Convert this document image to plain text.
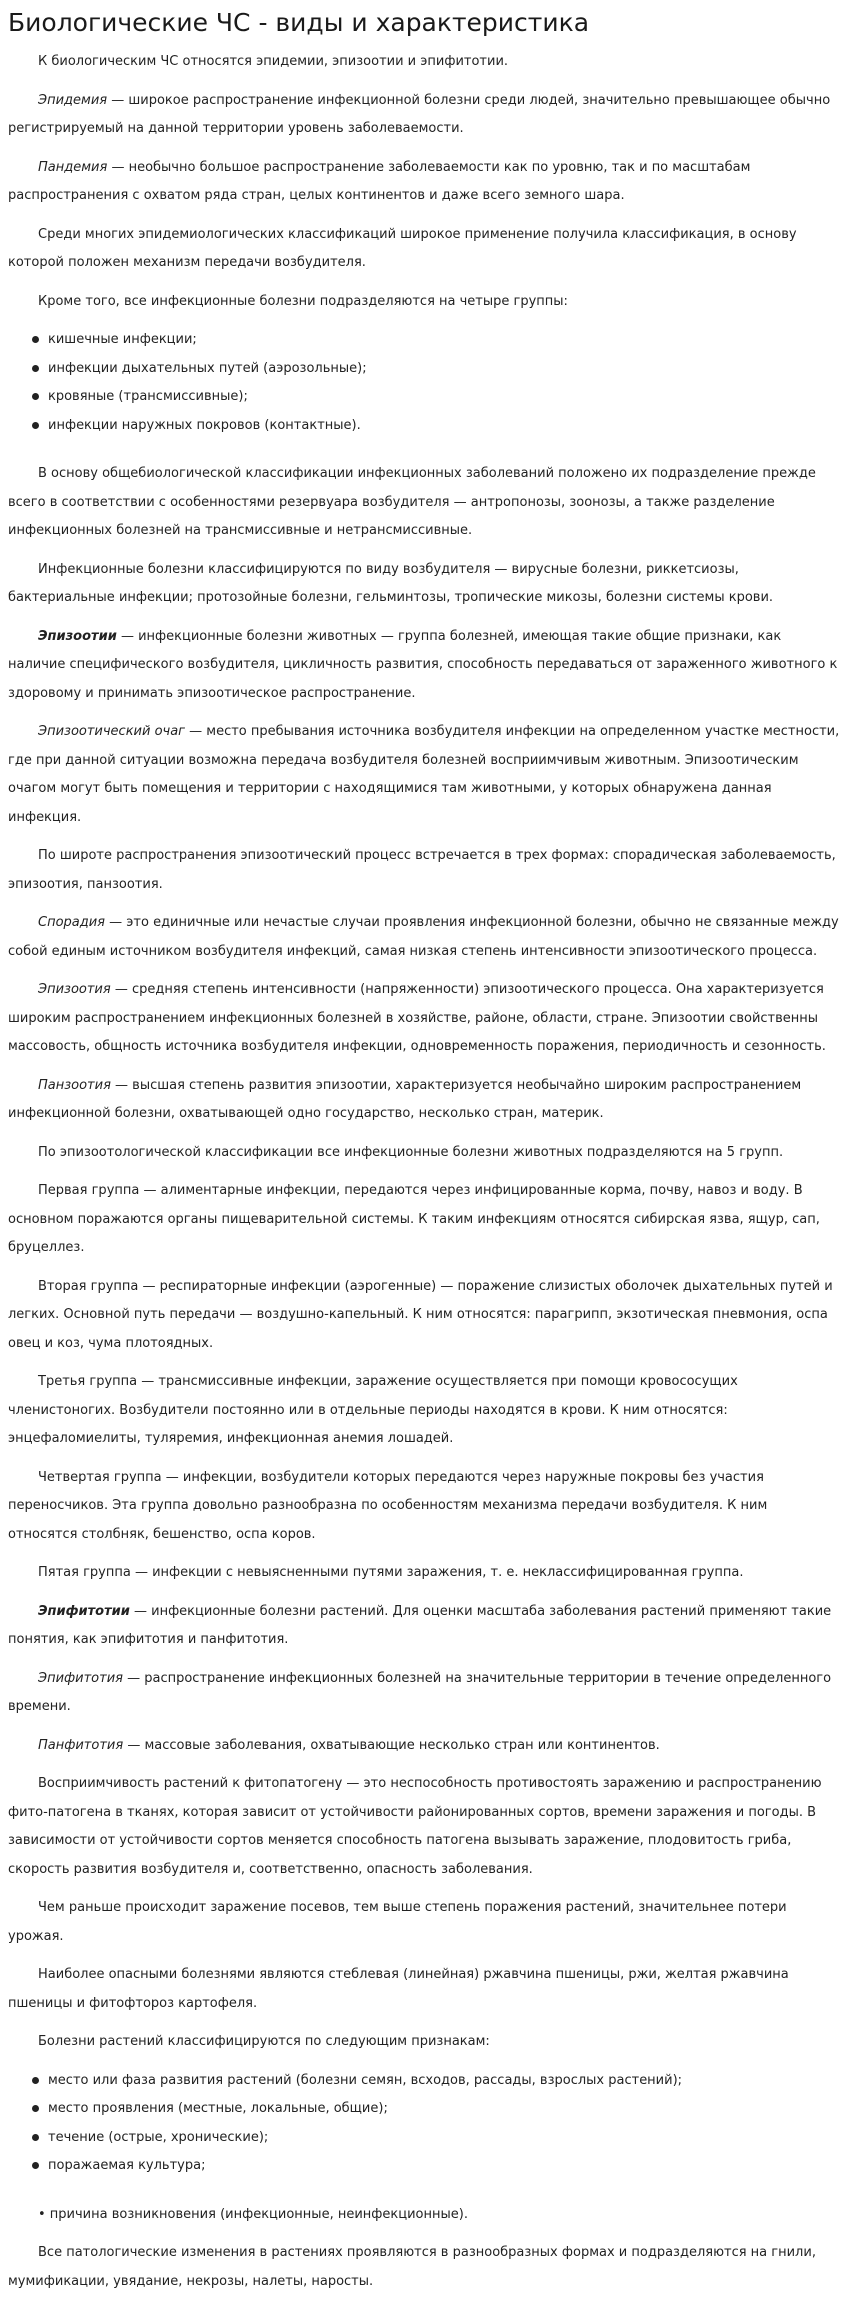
Биологические ЧС - виды и характеристика

К биологическим ЧС относятся эпидемии, эпизоотии и эпифитотии.

Эпидемия — широкое распространение инфекционной болезни среди людей, значительно превышающее обычно регистрируемый на данной территории уровень заболеваемости.

Пандемия — необычно большое распространение заболеваемости как по уровню, так и по масштабам распространения с охватом ряда стран, целых континентов и даже всего земного шара.

Среди многих эпидемиологических классификаций широкое применение получила классификация, в основу которой положен механизм передачи возбудителя.

Кроме того, все инфекционные болезни подразделяются на четыре группы:

кишечные инфекции;
инфекции дыхательных путей (аэрозольные);
кровяные (трансмиссивные);
инфекции наружных покровов (контактные).

В основу общебиологической классификации инфекционных заболеваний положено их подразделение прежде всего в соответствии с особенностями резервуара возбудителя — антропонозы, зоонозы, а также разделение инфекционных болезней на трансмиссивные и нетрансмиссивные.

Инфекционные болезни классифицируются по виду возбудителя — вирусные болезни, риккетсиозы, бактериальные инфекции; протозойные болезни, гельминтозы, тропические микозы, болезни системы крови.

Эпизоотии — инфекционные болезни животных — группа болезней, имеющая такие общие признаки, как наличие специфического возбудителя, цикличность развития, способность передаваться от зараженного животного к здоровому и принимать эпизоотическое распространение.

Эпизоотический очаг — место пребывания источника возбудителя инфекции на определенном участке местности, где при данной ситуации возможна передача возбудителя болезней восприимчивым животным. Эпизоотическим очагом могут быть помещения и территории с находящимися там животными, у которых обнаружена данная инфекция.

По широте распространения эпизоотический процесс встречается в трех формах: спорадическая заболеваемость, эпизоотия, панзоотия.

Спорадия — это единичные или нечастые случаи проявления инфекционной болезни, обычно не связанные между собой единым источником возбудителя инфекций, самая низкая степень интенсивности эпизоотического процесса.

Эпизоотия — средняя степень интенсивности (напряженности) эпизоотического процесса. Она характеризуется широким распространением инфекционных болезней в хозяйстве, районе, области, стране. Эпизоотии свойственны массовость, общность источника возбудителя инфекции, одновременность поражения, периодичность и сезонность.

Панзоотия — высшая степень развития эпизоотии, характеризуется необычайно широким распространением инфекционной болезни, охватывающей одно государство, несколько стран, материк.

По эпизоотологической классификации все инфекционные болезни животных подразделяются на 5 групп.

Первая группа — алиментарные инфекции, передаются через инфицированные корма, почву, навоз и воду. В основном поражаются органы пищеварительной системы. К таким инфекциям относятся сибирская язва, ящур, сап, бруцеллез.

Вторая группа — респираторные инфекции (аэрогенные) — поражение слизистых оболочек дыхательных путей и легких. Основной путь передачи — воздушно-капельный. К ним относятся: парагрипп, экзотическая пневмония, оспа овец и коз, чума плотоядных.

Третья группа — трансмиссивные инфекции, заражение осуществляется при помощи кровососущих членистоногих. Возбудители постоянно или в отдельные периоды находятся в крови. К ним относятся: энцефаломиелиты, туляремия, инфекционная анемия лошадей.

Четвертая группа — инфекции, возбудители которых передаются через наружные покровы без участия переносчиков. Эта группа довольно разнообразна по особенностям механизма передачи возбудителя. К ним относятся столбняк, бешенство, оспа коров.

Пятая группа — инфекции с невыясненными путями заражения, т. е. неклассифицированная группа.

Эпифитотии — инфекционные болезни растений. Для оценки масштаба заболевания растений применяют такие понятия, как эпифитотия и панфитотия.

Эпифитотия — распространение инфекционных болезней на значительные территории в течение определенного времени.

Панфитотия — массовые заболевания, охватывающие несколько стран или континентов.

Восприимчивость растений к фитопатогену — это неспособность противостоять заражению и распространению фито-патогена в тканях, которая зависит от устойчивости районированных сортов, времени заражения и погоды. В зависимости от устойчивости сортов меняется способность патогена вызывать заражение, плодовитость гриба, скорость развития возбудителя и, соответственно, опасность заболевания.

Чем раньше происходит заражение посевов, тем выше степень поражения растений, значительнее потери урожая.

Наиболее опасными болезнями являются стеблевая (линейная) ржавчина пшеницы, ржи, желтая ржавчина пшеницы и фитофтороз картофеля.

Болезни растений классифицируются по следующим признакам:

место или фаза развития растений (болезни семян, всходов, рассады, взрослых растений);
место проявления (местные, локальные, общие);
течение (острые, хронические);
поражаемая культура;

• причина возникновения (инфекционные, неинфекционные).

Все патологические изменения в растениях проявляются в разнообразных формах и подразделяются на гнили, мумификации, увядание, некрозы, налеты, наросты.
